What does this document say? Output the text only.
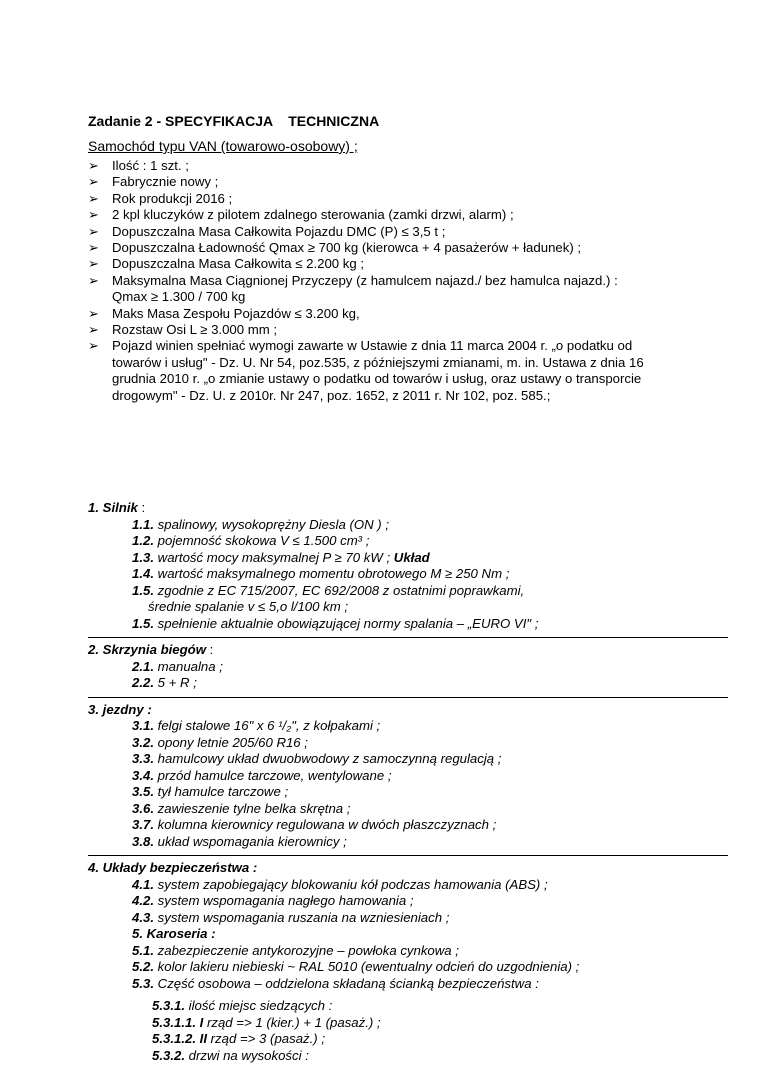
Zadanie 2 - SPECYFIKACJA    TECHNICZNA
Samochód typu VAN (towarowo-osobowy) ;
➢ Ilość : 1 szt. ;
➢ Fabrycznie nowy ;
➢ Rok produkcji 2016 ;
➢ 2 kpl kluczyków z pilotem zdalnego sterowania (zamki drzwi, alarm) ;
➢ Dopuszczalna Masa Całkowita Pojazdu DMC (P) ≤ 3,5 t ;
➢ Dopuszczalna Ładowność Qmax ≥ 700 kg (kierowca + 4 pasażerów + ładunek) ;
➢ Dopuszczalna Masa Całkowita ≤ 2.200 kg ;
➢ Maksymalna Masa Ciągnionej Przyczepy (z hamulcem najazd./ bez hamulca najazd.) :
Qmax ≥ 1.300 / 700 kg
➢ Maks Masa Zespołu Pojazdów ≤ 3.200 kg,
➢ Rozstaw Osi L ≥ 3.000 mm ;
➢ Pojazd winien spełniać wymogi zawarte w Ustawie z dnia 11 marca 2004 r. „o podatku od
towarów i usług" - Dz. U. Nr 54, poz.535, z późniejszymi zmianami, m. in. Ustawa z dnia 16
grudnia 2010 r. „o zmianie ustawy o podatku od towarów i usług, oraz ustawy o transporcie
drogowym" - Dz. U. z 2010r. Nr 247, poz. 1652, z 2011 r. Nr 102, poz. 585.;
1. Silnik :
1.1. spalinowy, wysokoprężny Diesla (ON ) ;
1.2. pojemność skokowa V ≤ 1.500 cm³ ;
1.3. wartość mocy maksymalnej P ≥ 70 kW ; Układ
1.4. wartość maksymalnego momentu obrotowego M ≥ 250 Nm ;
1.5. zgodnie z EC 715/2007, EC 692/2008 z ostatnimi poprawkami,
średnie spalanie v ≤ 5,o l/100 km ;
1.5. spełnienie aktualnie obowiązującej normy spalania – „EURO VI" ;
2. Skrzynia biegów :
2.1. manualna ;
2.2. 5 + R ;
3. jezdny :
3.1. felgi stalowe 16" x 6 ¹/₂", z kołpakami ;
3.2. opony letnie 205/60 R16 ;
3.3. hamulcowy układ dwuobwodowy z samoczynną regulacją ;
3.4. przód hamulce tarczowe, wentylowane ;
3.5. tył hamulce tarczowe ;
3.6. zawieszenie tylne belka skrętna ;
3.7. kolumna kierownicy regulowana w dwóch płaszczyznach ;
3.8. układ wspomagania kierownicy ;
4. Układy bezpieczeństwa :
4.1. system zapobiegający blokowaniu kół podczas hamowania (ABS) ;
4.2. system wspomagania nagłego hamowania ;
4.3. system wspomagania ruszania na wzniesieniach ;
5. Karoseria :
5.1. zabezpieczenie antykorozyjne – powłoka cynkowa ;
5.2. kolor lakieru niebieski ~ RAL 5010 (ewentualny odcień do uzgodnienia) ;
5.3. Część osobowa – oddzielona składaną ścianką bezpieczeństwa :
5.3.1. ilość miejsc siedzących :
5.3.1.1. I rząd => 1 (kier.) + 1 (pasaż.) ;
5.3.1.2. II rząd => 3 (pasaż.) ;
5.3.2. drzwi na wysokości :
